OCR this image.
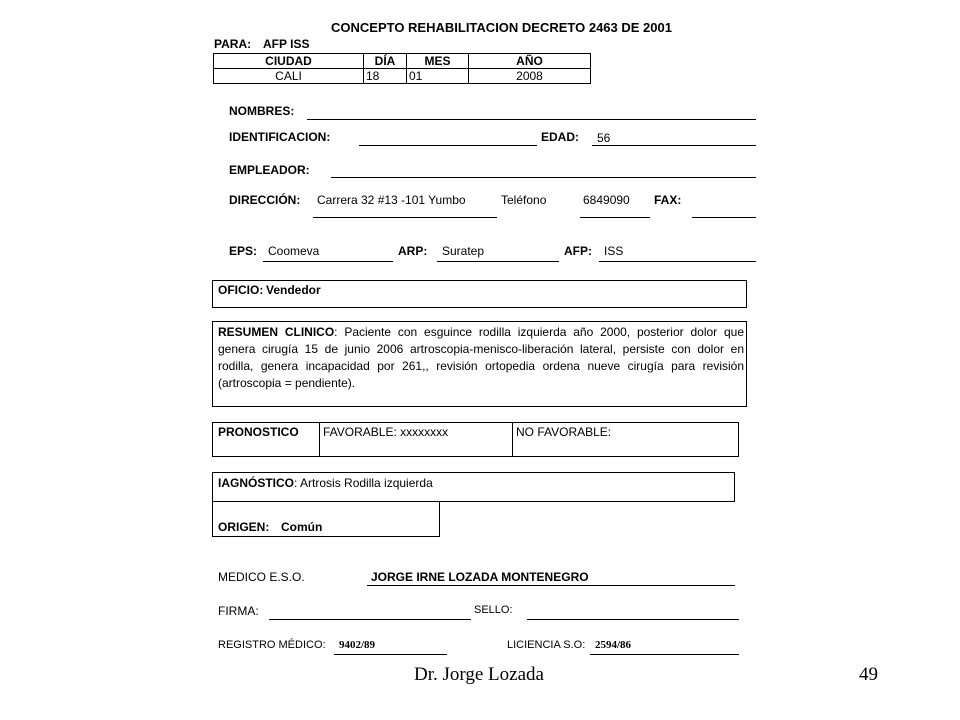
CONCEPTO REHABILITACION DECRETO 2463 DE 2001
PARA: AFP ISS
CIUDAD	DÍA	MES	AÑO
CALI	18	01	2008
NOMBRES:
IDENTIFICACION:	EDAD: 56
EMPLEADOR:
DIRECCIÓN: Carrera 32 #13 -101 Yumbo	Teléfono	6849090 FAX:
EPS: Coomeva	ARP: Suratep	AFP: ISS
OFICIO: Vendedor
RESUMEN CLINICO: Paciente con esguince rodilla izquierda año 2000, posterior dolor que genera cirugía 15 de junio 2006 artroscopia-menisco-liberación lateral, persiste con dolor en rodilla, genera incapacidad por 261,, revisión ortopedia ordena nueve cirugía para revisión (artroscopia = pendiente).
PRONOSTICO FAVORABLE: xxxxxxxx	NO FAVORABLE:
IAGNÓSTICO: Artrosis Rodilla izquierda
ORIGEN: Común
MEDICO E.S.O.	JORGE IRNE LOZADA MONTENEGRO
FIRMA:	SELLO:
REGISTRO MÉDICO: 9402/89	LICIENCIA S.O: 2594/86
Dr. Jorge Lozada	49
